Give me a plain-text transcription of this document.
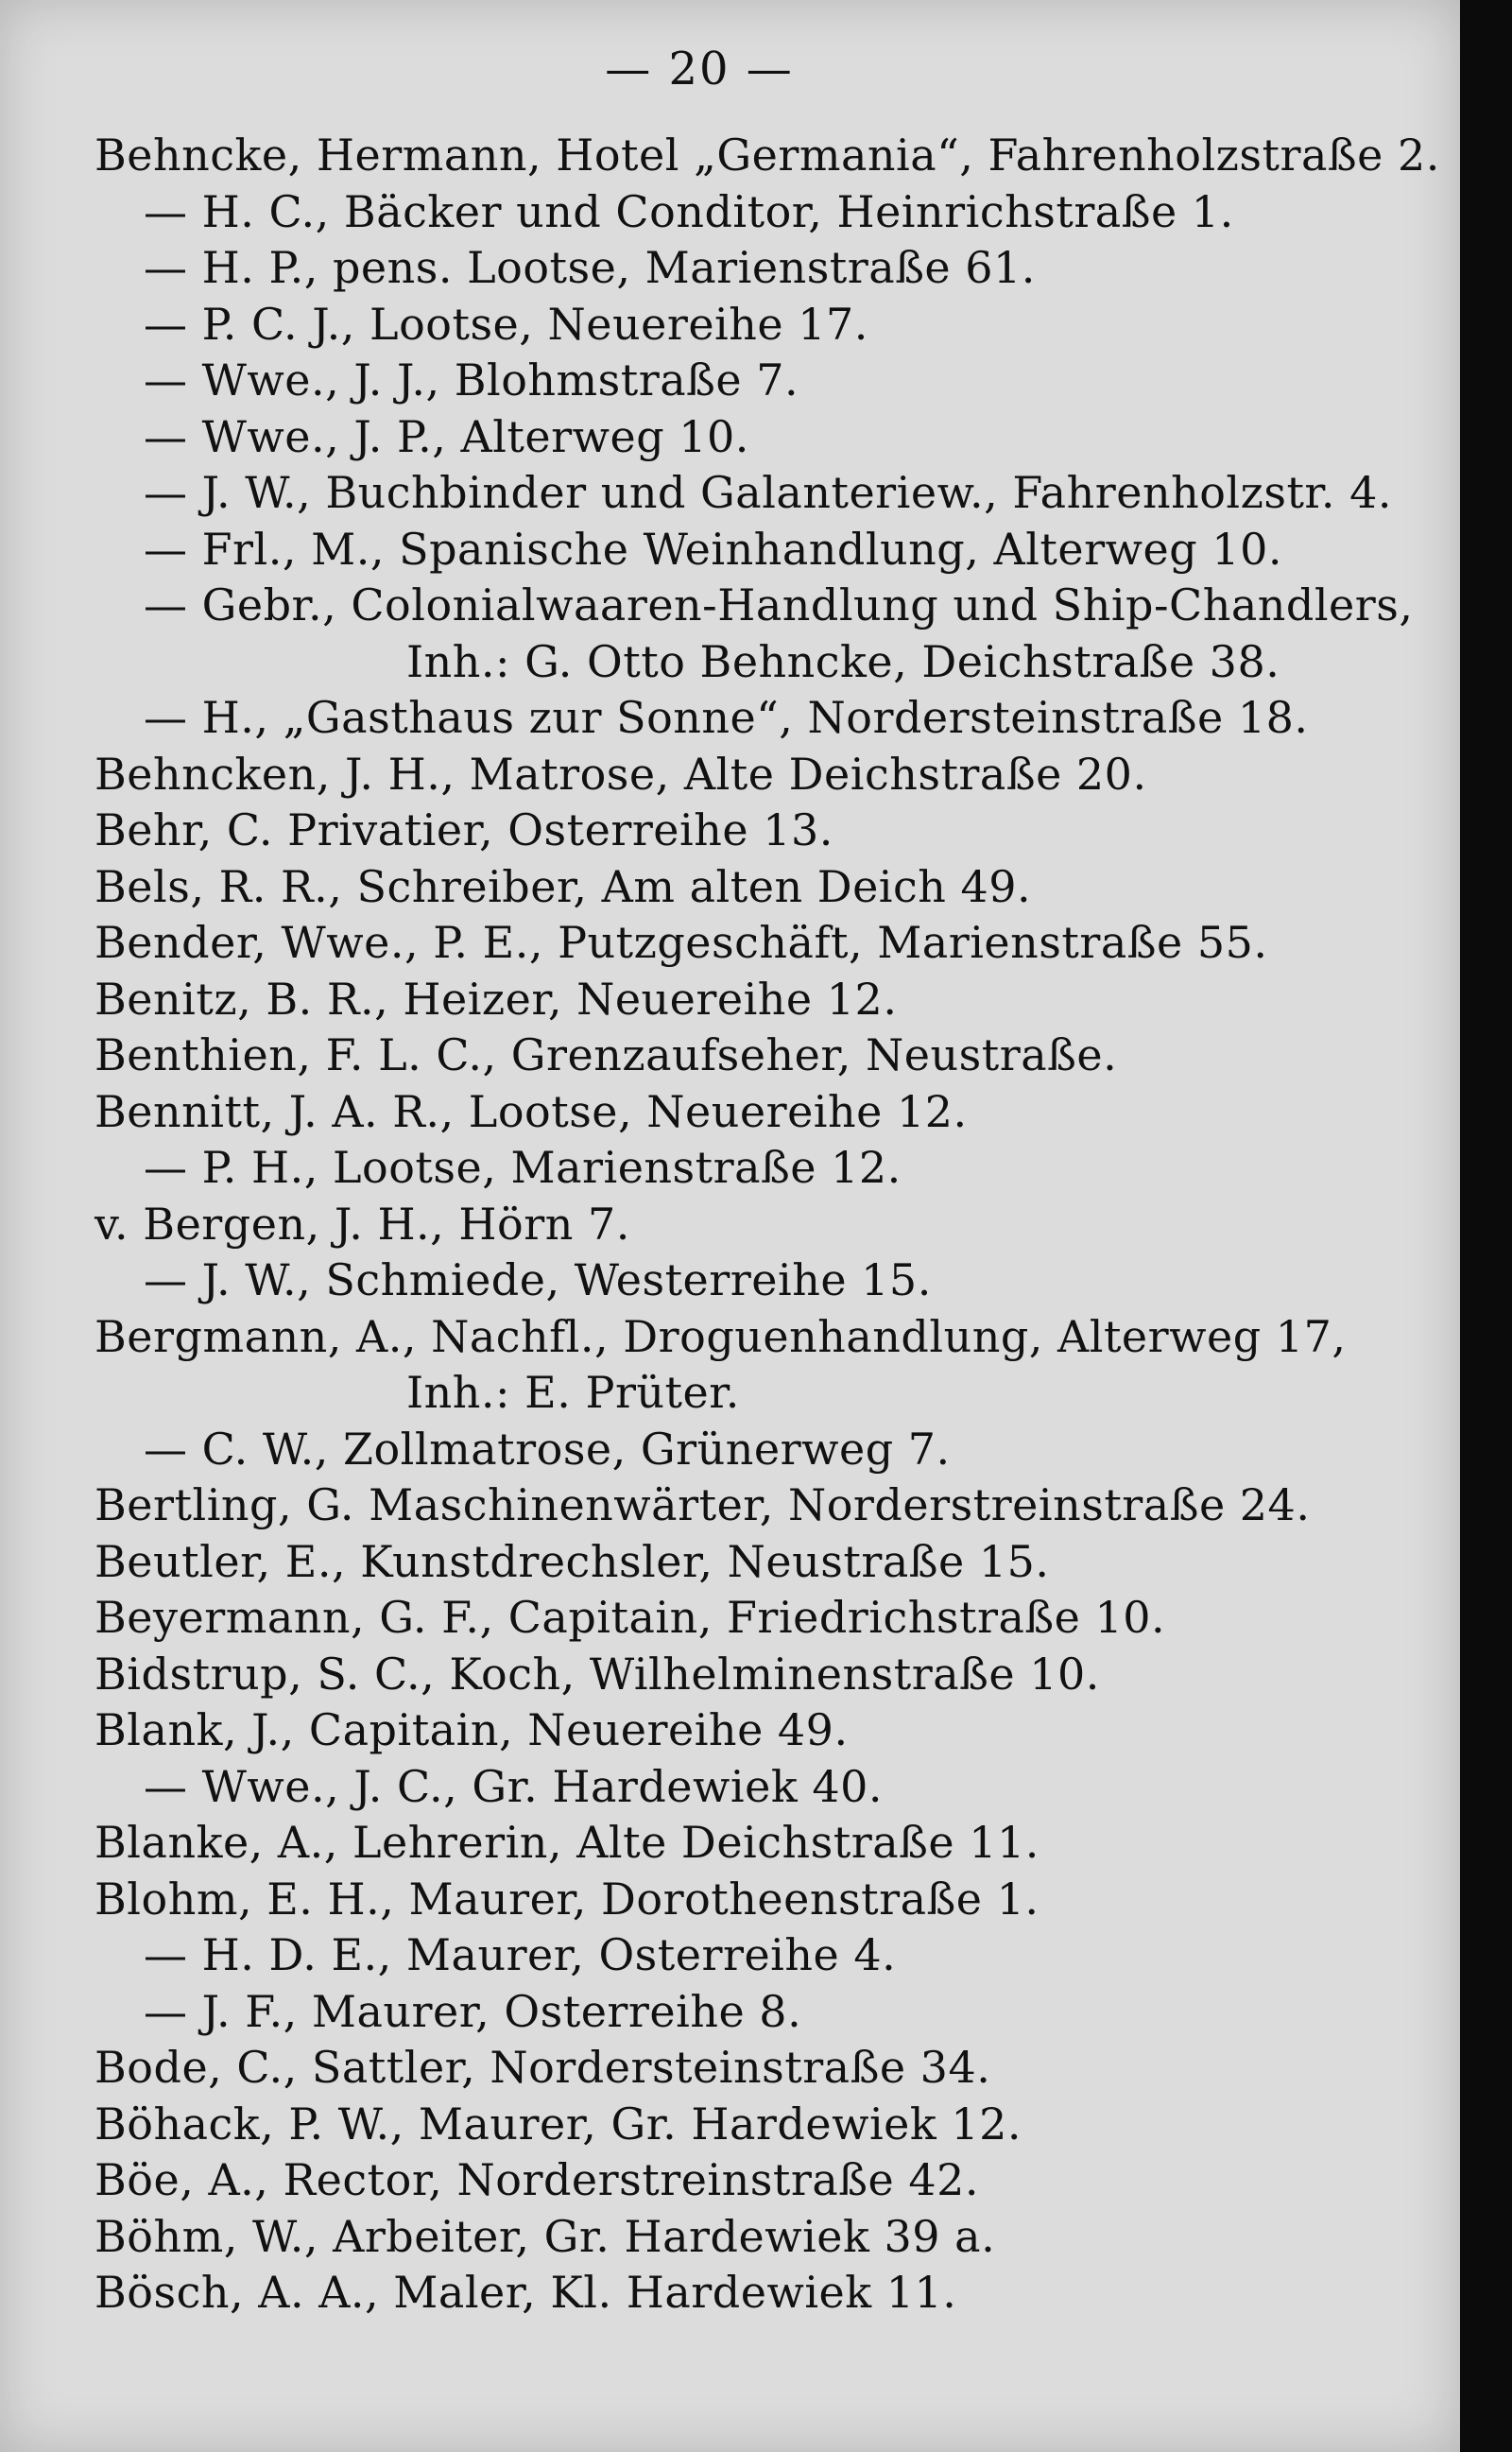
— 20 —
Behncke, Hermann, Hotel „Germania“, Fahrenholzstraße 2.
— H. C., Bäcker und Conditor, Heinrichstraße 1.
— H. P., pens. Lootse, Marienstraße 61.
— P. C. J., Lootse, Neuereihe 17.
— Wwe., J. J., Blohmstraße 7.
— Wwe., J. P., Alterweg 10.
— J. W., Buchbinder und Galanteriew., Fahrenholzstr. 4.
— Frl., M., Spanische Weinhandlung, Alterweg 10.
— Gebr., Colonialwaaren-Handlung und Ship-Chandlers,
Inh.: G. Otto Behncke, Deichstraße 38.
— H., „Gasthaus zur Sonne“, Nordersteinstraße 18.
Behncken, J. H., Matrose, Alte Deichstraße 20.
Behr, C. Privatier, Osterreihe 13.
Bels, R. R., Schreiber, Am alten Deich 49.
Bender, Wwe., P. E., Putzgeschäft, Marienstraße 55.
Benitz, B. R., Heizer, Neuereihe 12.
Benthien, F. L. C., Grenzaufseher, Neustraße.
Bennitt, J. A. R., Lootse, Neuereihe 12.
— P. H., Lootse, Marienstraße 12.
v. Bergen, J. H., Hörn 7.
— J. W., Schmiede, Westerreihe 15.
Bergmann, A., Nachfl., Droguenhandlung, Alterweg 17,
Inh.: E. Prüter.
— C. W., Zollmatrose, Grünerweg 7.
Bertling, G. Maschinenwärter, Norderstreinstraße 24.
Beutler, E., Kunstdrechsler, Neustraße 15.
Beyermann, G. F., Capitain, Friedrichstraße 10.
Bidstrup, S. C., Koch, Wilhelminenstraße 10.
Blank, J., Capitain, Neuereihe 49.
— Wwe., J. C., Gr. Hardewiek 40.
Blanke, A., Lehrerin, Alte Deichstraße 11.
Blohm, E. H., Maurer, Dorotheenstraße 1.
— H. D. E., Maurer, Osterreihe 4.
— J. F., Maurer, Osterreihe 8.
Bode, C., Sattler, Nordersteinstraße 34.
Böhack, P. W., Maurer, Gr. Hardewiek 12.
Böe, A., Rector, Norderstreinstraße 42.
Böhm, W., Arbeiter, Gr. Hardewiek 39 a.
Bösch, A. A., Maler, Kl. Hardewiek 11.
